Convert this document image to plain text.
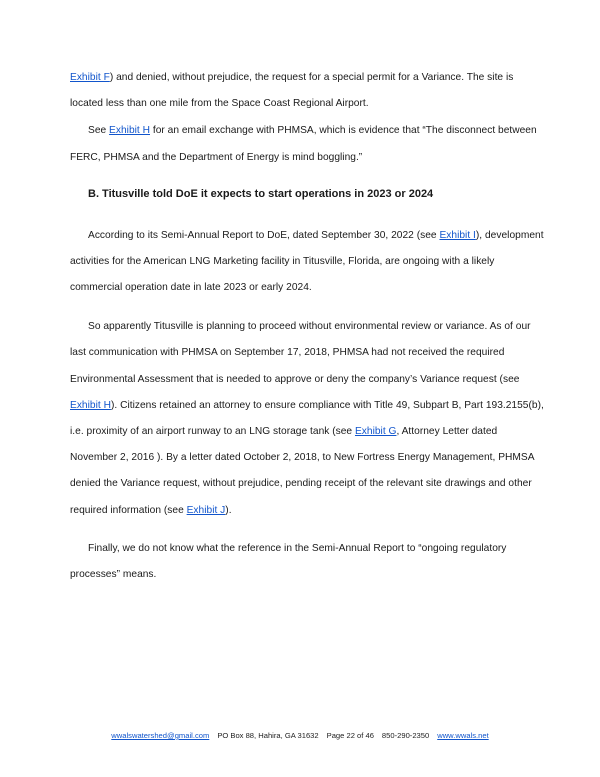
Exhibit F) and denied, without prejudice, the request for a special permit for a Variance. The site is
located less than one mile from the Space Coast Regional Airport.
See Exhibit H for an email exchange with PHMSA, which is evidence that “The disconnect between
FERC, PHMSA and the Department of Energy is mind boggling.”
B. Titusville told DoE it expects to start operations in 2023 or 2024
According to its Semi-Annual Report to DoE, dated September 30, 2022 (see Exhibit I), development
activities for the American LNG Marketing facility in Titusville, Florida, are ongoing with a likely
commercial operation date in late 2023 or early 2024.
So apparently Titusville is planning to proceed without environmental review or variance. As of our
last communication with PHMSA on September 17, 2018, PHMSA had not received the required
Environmental Assessment that is needed to approve or deny the company’s Variance request (see
Exhibit H). Citizens retained an attorney to ensure compliance with Title 49, Subpart B, Part 193.2155(b),
i.e. proximity of an airport runway to an LNG storage tank (see Exhibit G, Attorney Letter dated
November 2, 2016 ). By a letter dated October 2, 2018, to New Fortress Energy Management, PHMSA
denied the Variance request, without prejudice, pending receipt of the relevant site drawings and other
required information (see Exhibit J).
Finally, we do not know what the reference in the Semi-Annual Report to “ongoing regulatory
processes” means.
wwalswatershed@gmail.com PO Box 88, Hahira, GA 31632 Page 22 of 46 850-290-2350 www.wwals.net
